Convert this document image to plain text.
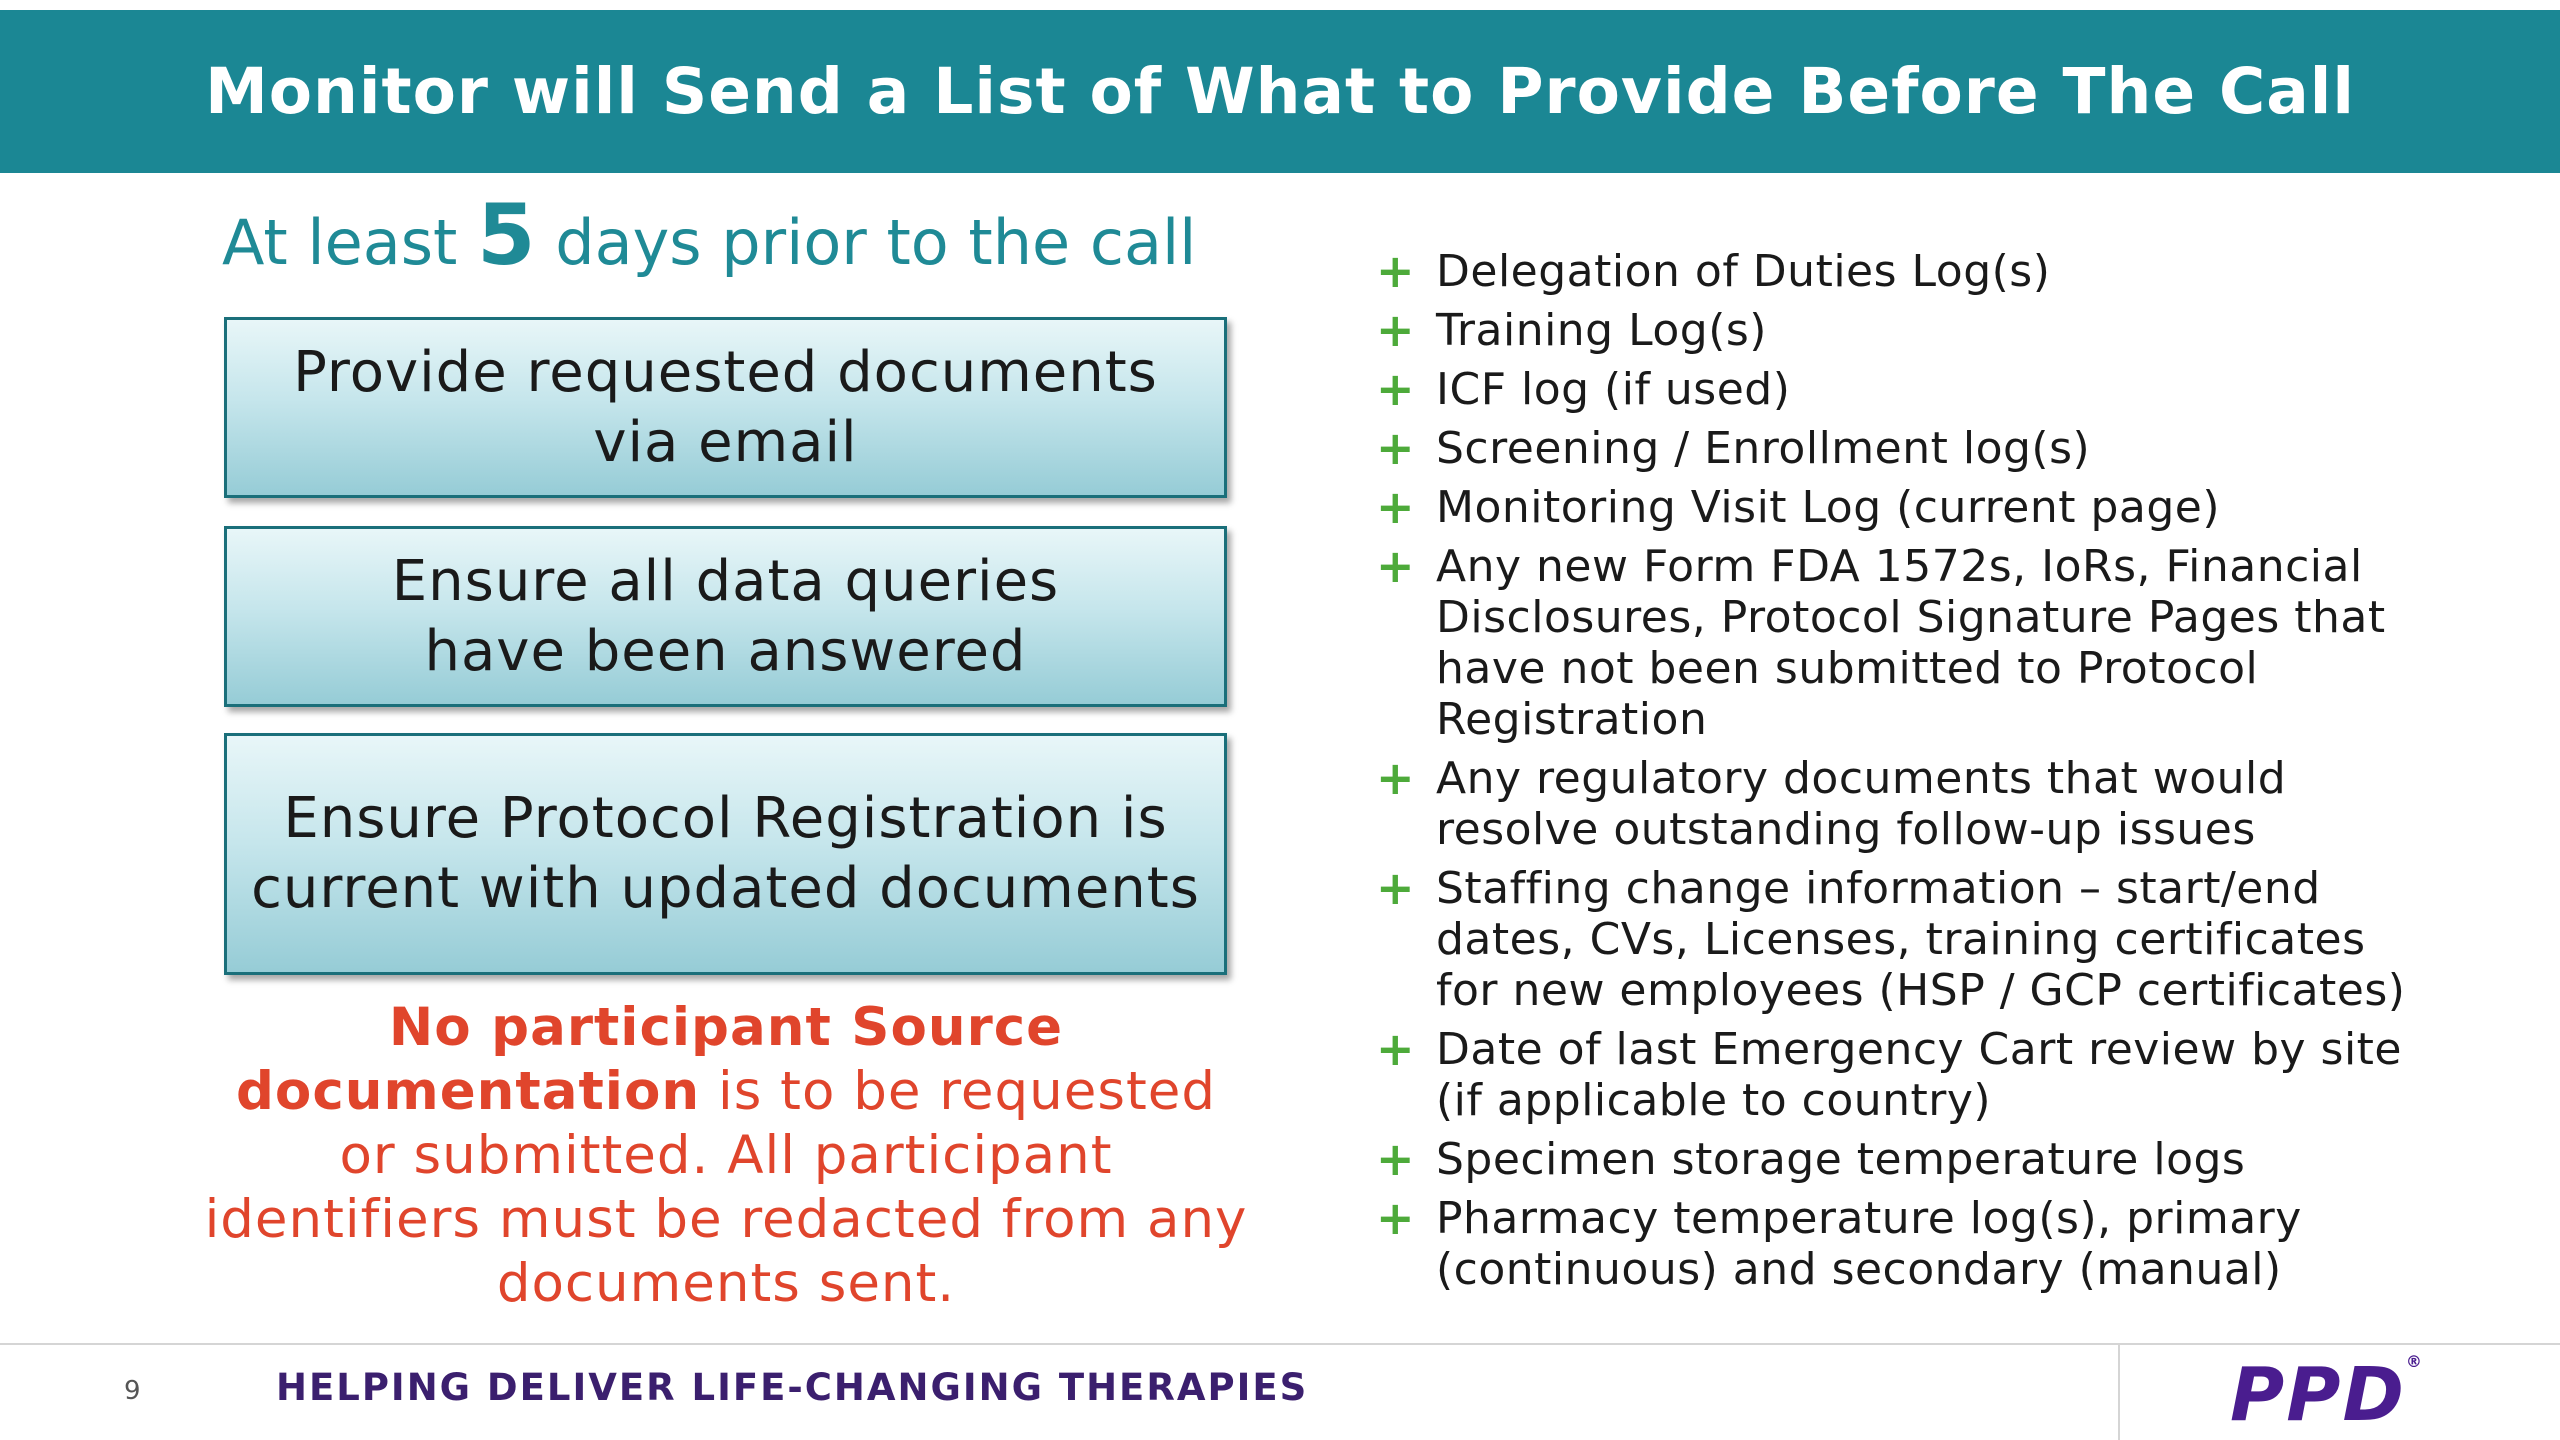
Monitor will Send a List of What to Provide Before The Call
At least 5 days prior to the call
Provide requested documents
via email
Ensure all data queries
have been answered
Ensure Protocol Registration is
current with updated documents
No participant Source documentation is to be requested or submitted. All participant identifiers must be redacted from any documents sent.
+ Delegation of Duties Log(s)
+ Training Log(s)
+ ICF log (if used)
+ Screening / Enrollment log(s)
+ Monitoring Visit Log (current page)
+ Any new Form FDA 1572s, IoRs, Financial Disclosures, Protocol Signature Pages that have not been submitted to Protocol Registration
+ Any regulatory documents that would resolve outstanding follow-up issues
+ Staffing change information – start/end dates, CVs, Licenses, training certificates for new employees (HSP / GCP certificates)
+ Date of last Emergency Cart review by site (if applicable to country)
+ Specimen storage temperature logs
+ Pharmacy temperature log(s), primary (continuous) and secondary (manual)
9	HELPING DELIVER LIFE-CHANGING THERAPIES	PPD®
